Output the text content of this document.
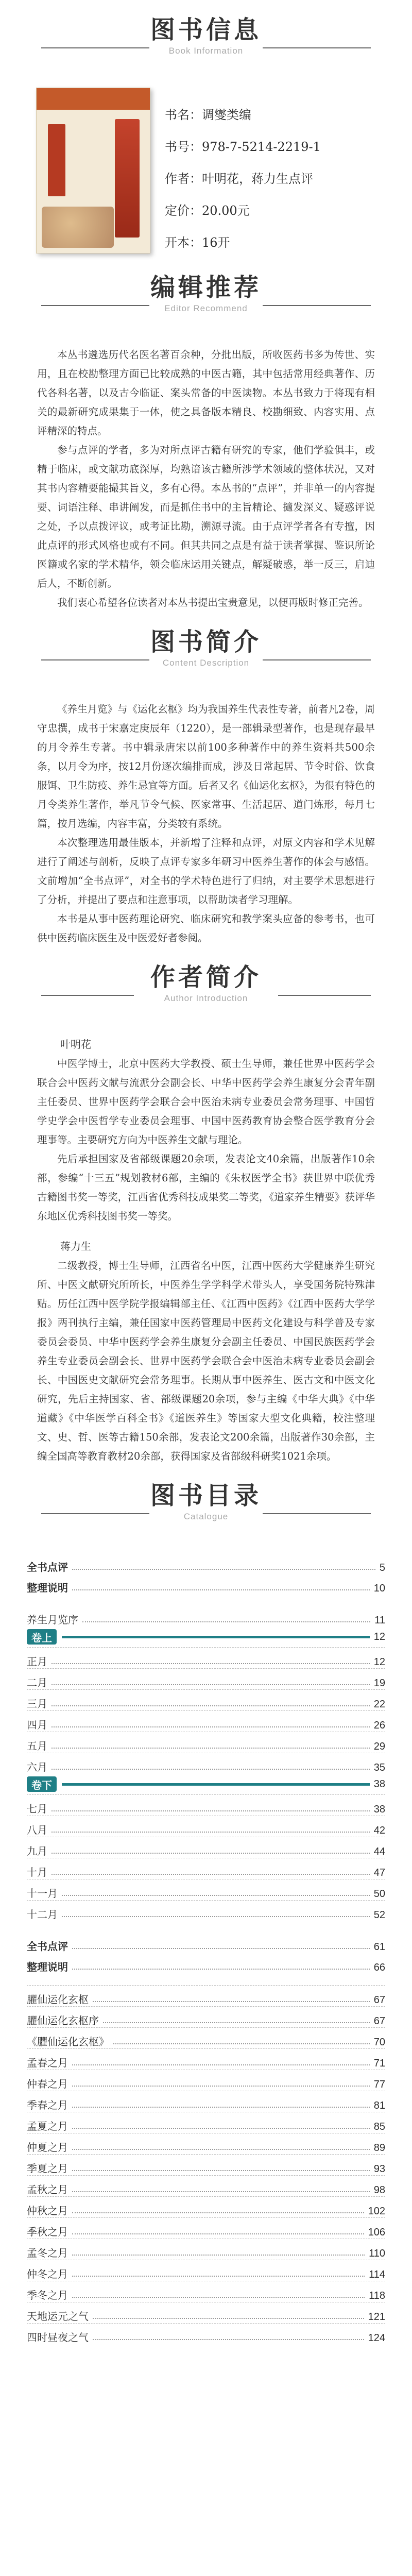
图书信息
Book Information
书名：调燮类编
书号：978-7-5214-2219-1
作者：叶明花，蒋力生点评
定价：20.00元
开本：16开
编辑推荐
Editor Recommend

本丛书遴选历代名医名著百余种，分批出版，所收医药书多为传世、实用，且在校勘整理方面已比较成熟的中医古籍，其中包括常用经典著作、历代各科名著，以及古今临证、案头常备的中医读物。本丛书致力于将现有相关的最新研究成果集于一体，使之具备版本精良、校勘细致、内容实用、点评精深的特点。

参与点评的学者，多为对所点评古籍有研究的专家，他们学验俱丰，或精于临床，或文献功底深厚，均熟谙该古籍所涉学术领域的整体状况，又对其书内容精要能撮其旨义，多有心得。本丛书的“点评”，并非单一的内容提要、词语注释、串讲阐发，而是抓住书中的主旨精论、擿发深义、疑惑评说之处，予以点拨评议，或考证比勘，溯源寻流。由于点评学者各有专擅，因此点评的形式风格也或有不同。但其共同之点是有益于读者掌握、鉴识所论医籍或名家的学术精华，领会临床运用关键点，解疑破惑，举一反三，启迪后人，不断创新。

我们衷心希望各位读者对本丛书提出宝贵意见，以便再版时修正完善。

图书简介
Content Description

《养生月览》与《运化玄枢》均为我国养生代表性专著，前者凡2卷，周守忠撰，成书于宋嘉定庚辰年（1220），是一部辑录型著作，也是现存最早的月令养生专著。书中辑录唐宋以前100多种著作中的养生资料共500余条，以月令为序，按12月份逐次编排而成，涉及日常起居、节令时俗、饮食服饵、卫生防疫、养生忌宜等方面。后者又名《仙运化玄枢》，为很有特色的月令类养生著作，举凡节令气候、医家常事、生活起居、道门炼形，每月七篇，按月选编，内容丰富，分类较有系统。

本次整理选用最佳版本，并新增了注释和点评，对原文内容和学术见解进行了阐述与剖析，反映了点评专家多年研习中医养生著作的体会与感悟。文前增加“全书点评”，对全书的学术特色进行了归纳，对主要学术思想进行了分析，并提出了要点和注意事项，以帮助读者学习理解。

本书是从事中医药理论研究、临床研究和教学案头应备的参考书，也可供中医药临床医生及中医爱好者参阅。

作者简介
Author Introduction

叶明花

中医学博士，北京中医药大学教授、硕士生导师，兼任世界中医药学会联合会中医药文献与流派分会副会长、中华中医药学会养生康复分会青年副主任委员、世界中医药学会联合会中医治未病专业委员会常务理事、中国哲学史学会中医哲学专业委员会理事、中国中医药教育协会整合医学教育分会理事等。主要研究方向为中医养生文献与理论。

先后承担国家及省部级课题20余项，发表论文40余篇，出版著作10余部，参编“十三五”规划教材6部，主编的《朱权医学全书》获世界中联优秀古籍图书奖一等奖，江西省优秀科技成果奖二等奖，《道家养生精要》获评华东地区优秀科技图书奖一等奖。

蒋力生

二级教授，博士生导师，江西省名中医，江西中医药大学健康养生研究所、中医文献研究所所长，中医养生学学科学术带头人，享受国务院特殊津贴。历任江西中医学院学报编辑部主任、《江西中医药》《江西中医药大学学报》两刊执行主编，兼任国家中医药管理局中医药文化建设与科学普及专家委员会委员、中华中医药学会养生康复分会副主任委员、中国民族医药学会养生专业委员会副会长、世界中医药学会联合会中医治未病专业委员会副会长、中国医史文献研究会常务理事。长期从事中医养生、医古文和中医文化研究，先后主持国家、省、部级课题20余项，参与主编《中华大典》《中华道藏》《中华医学百科全书》《道医养生》等国家大型文化典籍，校注整理文、史、哲、医等古籍150余部，发表论文200余篇，出版著作30余部，主编全国高等教育教材20余部，获得国家及省部级科研奖1021余项。

图书目录
Catalogue
全书点评	5
整理说明	10
养生月览序	11
卷上	12
正月	12
二月	19
三月	22
四月	26
五月	29
六月	35
卷下	38
七月	38
八月	42
九月	44
十月	47
十一月	50
十二月	52
全书点评	61
整理说明	66
臞仙运化玄枢	67
臞仙运化玄枢序	67
《臞仙运化玄枢》	70
孟春之月	71
仲春之月	77
季春之月	81
孟夏之月	85
仲夏之月	89
季夏之月	93
孟秋之月	98
仲秋之月	102
季秋之月	106
孟冬之月	110
仲冬之月	114
季冬之月	118
天地运元之气	121
四时昼夜之气	124
